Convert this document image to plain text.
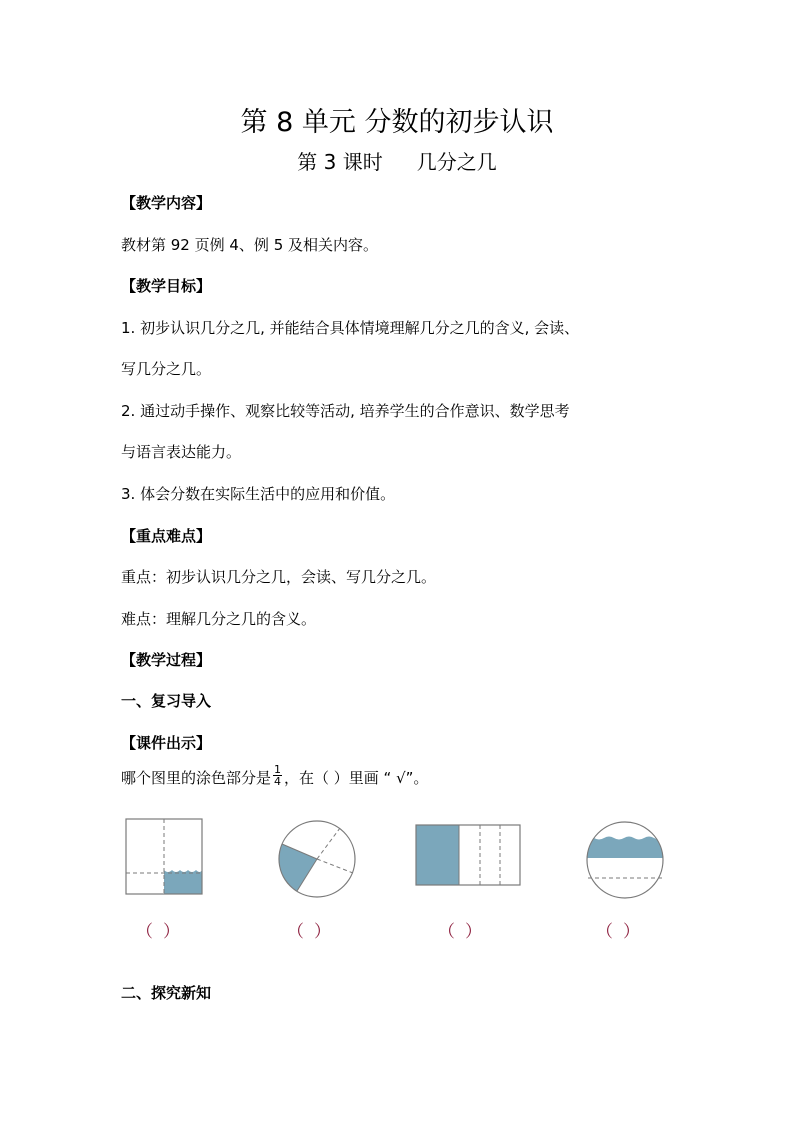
第 8 单元 分数的初步认识
第 3 课时 几分之几
【教学内容】
教材第 92 页例 4、例 5 及相关内容。
【教学目标】
1. 初步认识几分之几, 并能结合具体情境理解几分之几的含义, 会读、
写几分之几。
2. 通过动手操作、观察比较等活动, 培养学生的合作意识、数学思考
与语言表达能力。
3. 体会分数在实际生活中的应用和价值。
【重点难点】
重点：初步认识几分之几，会读、写几分之几。
难点：理解几分之几的含义。
【教学过程】
一、复习导入
【课件出示】
哪个图里的涂色部分是 $\frac{1}{4}$ ，在（ ）里画 “ √”。
（ ）	（ ）	（ ）	（ ）
二、探究新知
